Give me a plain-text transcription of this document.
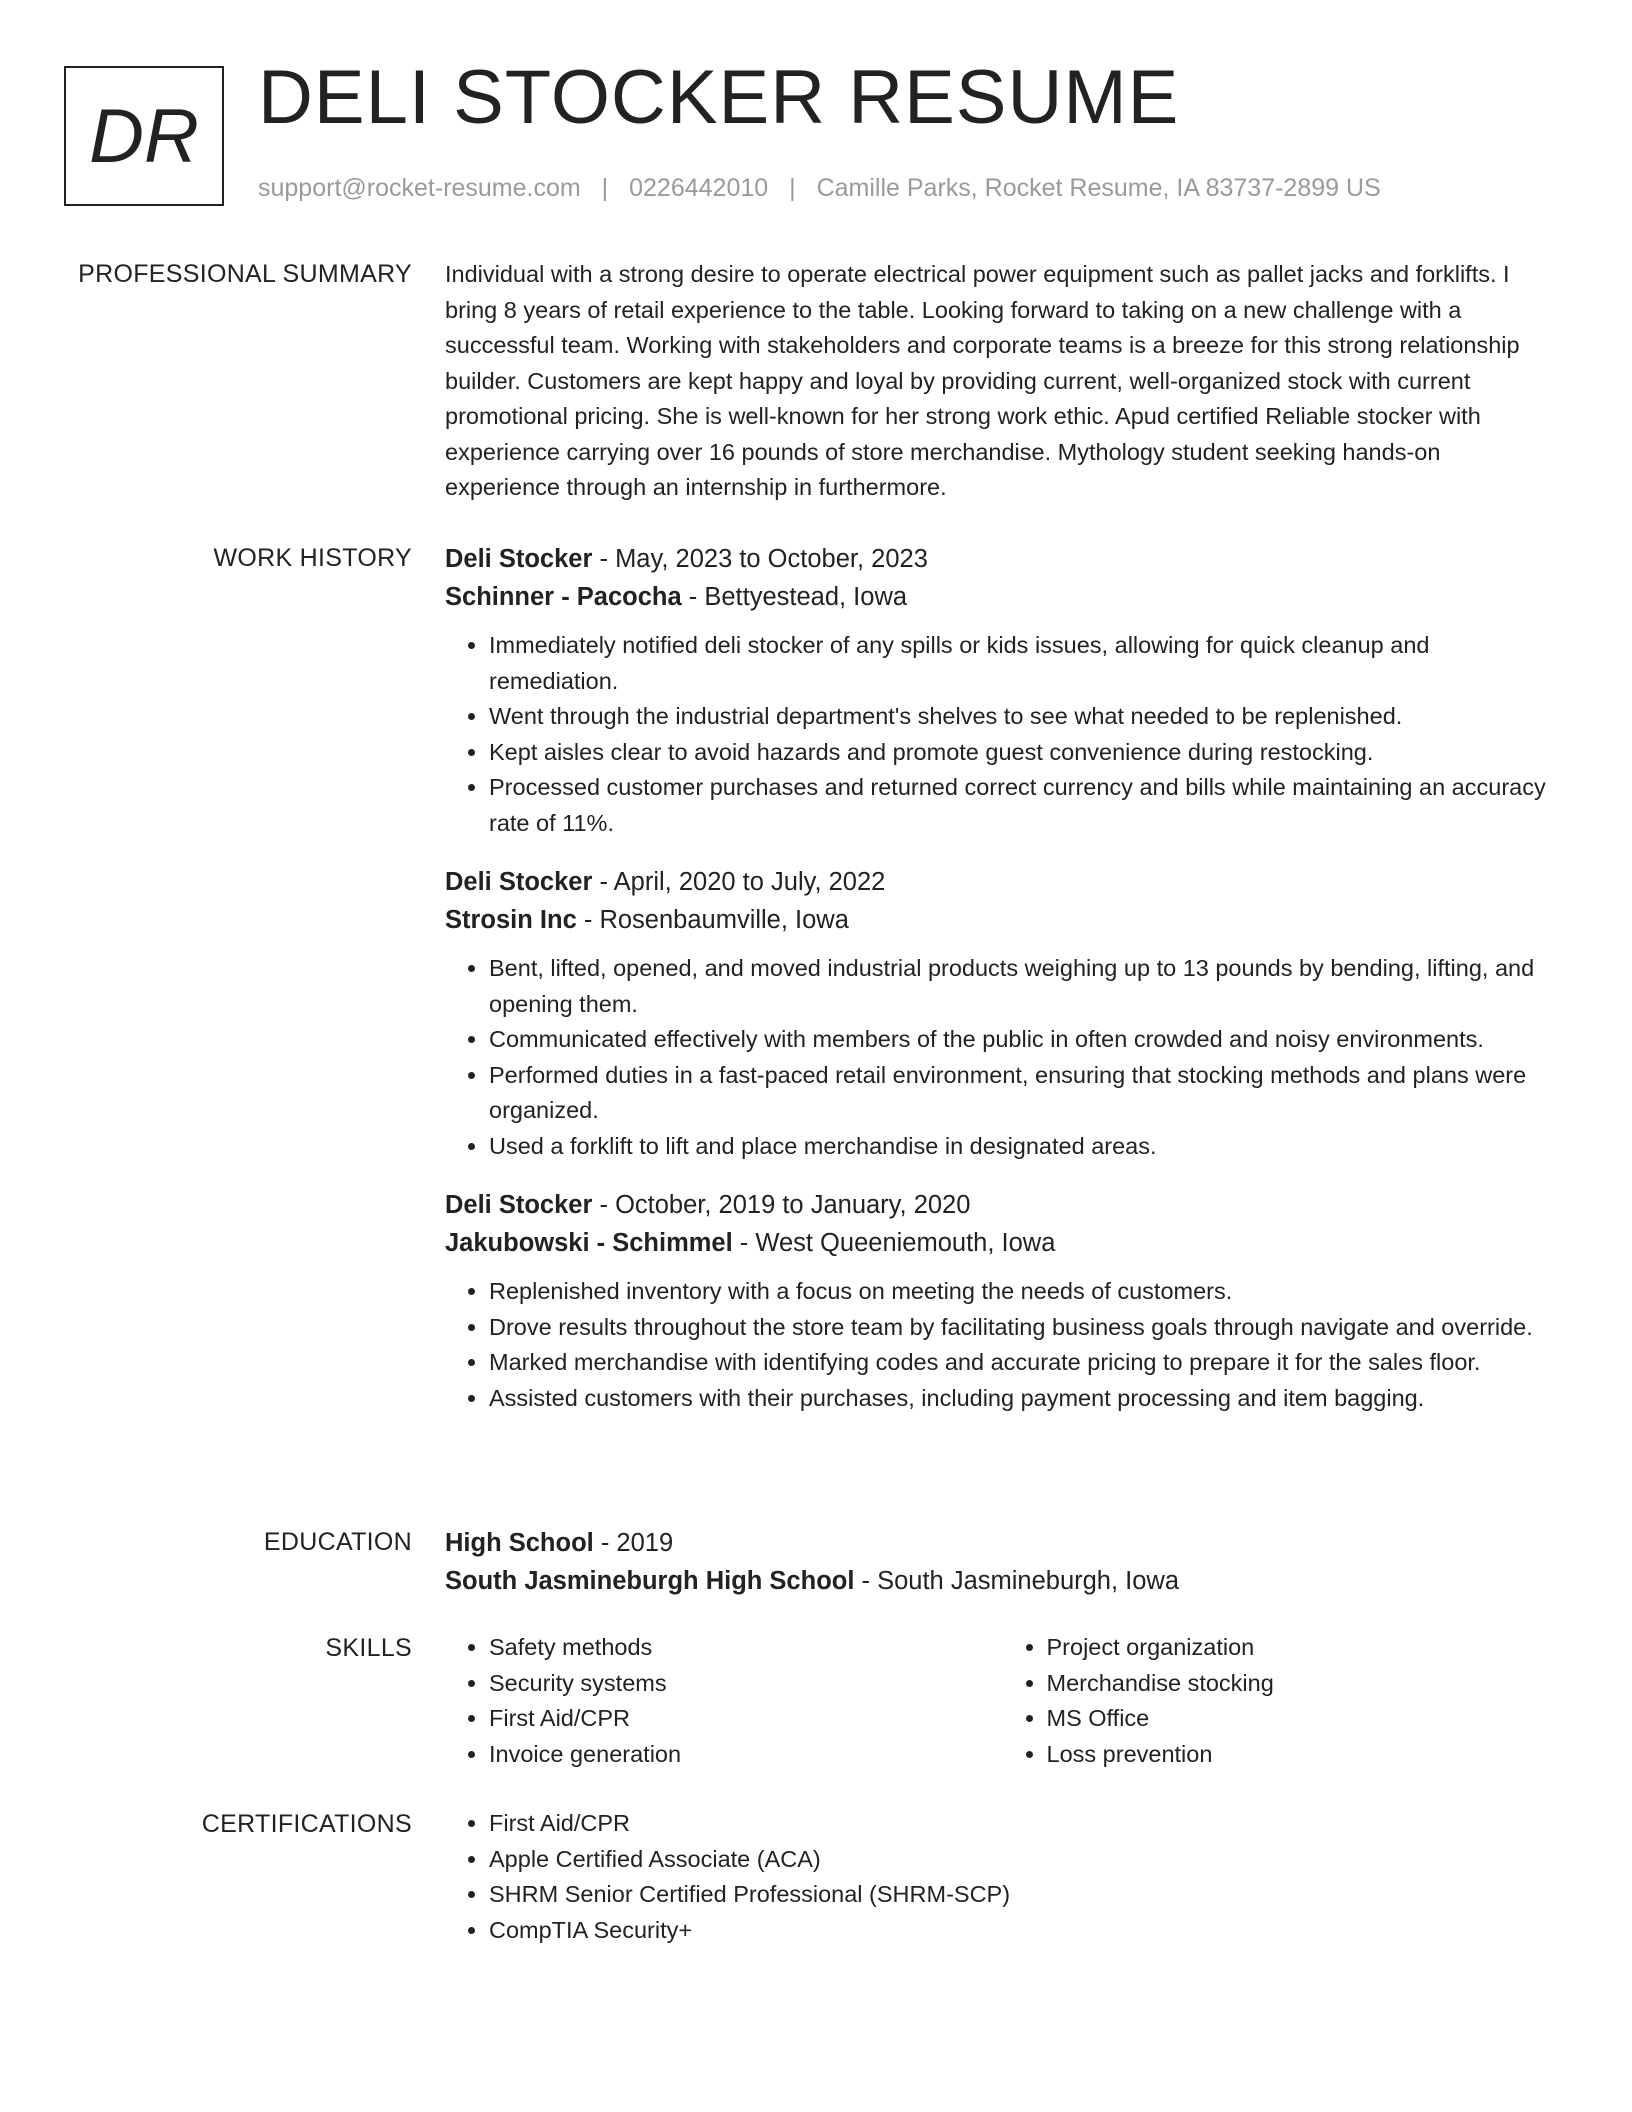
DR DELI STOCKER RESUME
support@rocket-resume.com | 0226442010 | Camille Parks, Rocket Resume, IA 83737-2899 US
PROFESSIONAL SUMMARY Individual with a strong desire to operate electrical power equipment such as pallet jacks and forklifts. I bring 8 years of retail experience to the table. Looking forward to taking on a new challenge with a successful team. Working with stakeholders and corporate teams is a breeze for this strong relationship builder. Customers are kept happy and loyal by providing current, well-organized stock with current promotional pricing. She is well-known for her strong work ethic. Apud certified Reliable stocker with experience carrying over 16 pounds of store merchandise. Mythology student seeking hands-on experience through an internship in furthermore.

WORK HISTORY Deli Stocker - May, 2023 to October, 2023
Schinner - Pacocha - Bettyestead, Iowa
• Immediately notified deli stocker of any spills or kids issues, allowing for quick cleanup and remediation.
• Went through the industrial department's shelves to see what needed to be replenished.
• Kept aisles clear to avoid hazards and promote guest convenience during restocking.
• Processed customer purchases and returned correct currency and bills while maintaining an accuracy rate of 11%.
Deli Stocker - April, 2020 to July, 2022
Strosin Inc - Rosenbaumville, Iowa
• Bent, lifted, opened, and moved industrial products weighing up to 13 pounds by bending, lifting, and opening them.
• Communicated effectively with members of the public in often crowded and noisy environments.
• Performed duties in a fast-paced retail environment, ensuring that stocking methods and plans were organized.
• Used a forklift to lift and place merchandise in designated areas.
Deli Stocker - October, 2019 to January, 2020
Jakubowski - Schimmel - West Queeniemouth, Iowa
• Replenished inventory with a focus on meeting the needs of customers.
• Drove results throughout the store team by facilitating business goals through navigate and override.
• Marked merchandise with identifying codes and accurate pricing to prepare it for the sales floor.
• Assisted customers with their purchases, including payment processing and item bagging.
EDUCATION High School - 2019
South Jasmineburgh High School - South Jasmineburgh, Iowa
SKILLS	• Safety methods
• Security systems
• First Aid/CPR
• Invoice generation
• Project organization
• Merchandise stocking
• MS Office
• Loss prevention
CERTIFICATIONS	• First Aid/CPR
• Apple Certified Associate (ACA)
• SHRM Senior Certified Professional (SHRM-SCP)
• CompTIA Security+
